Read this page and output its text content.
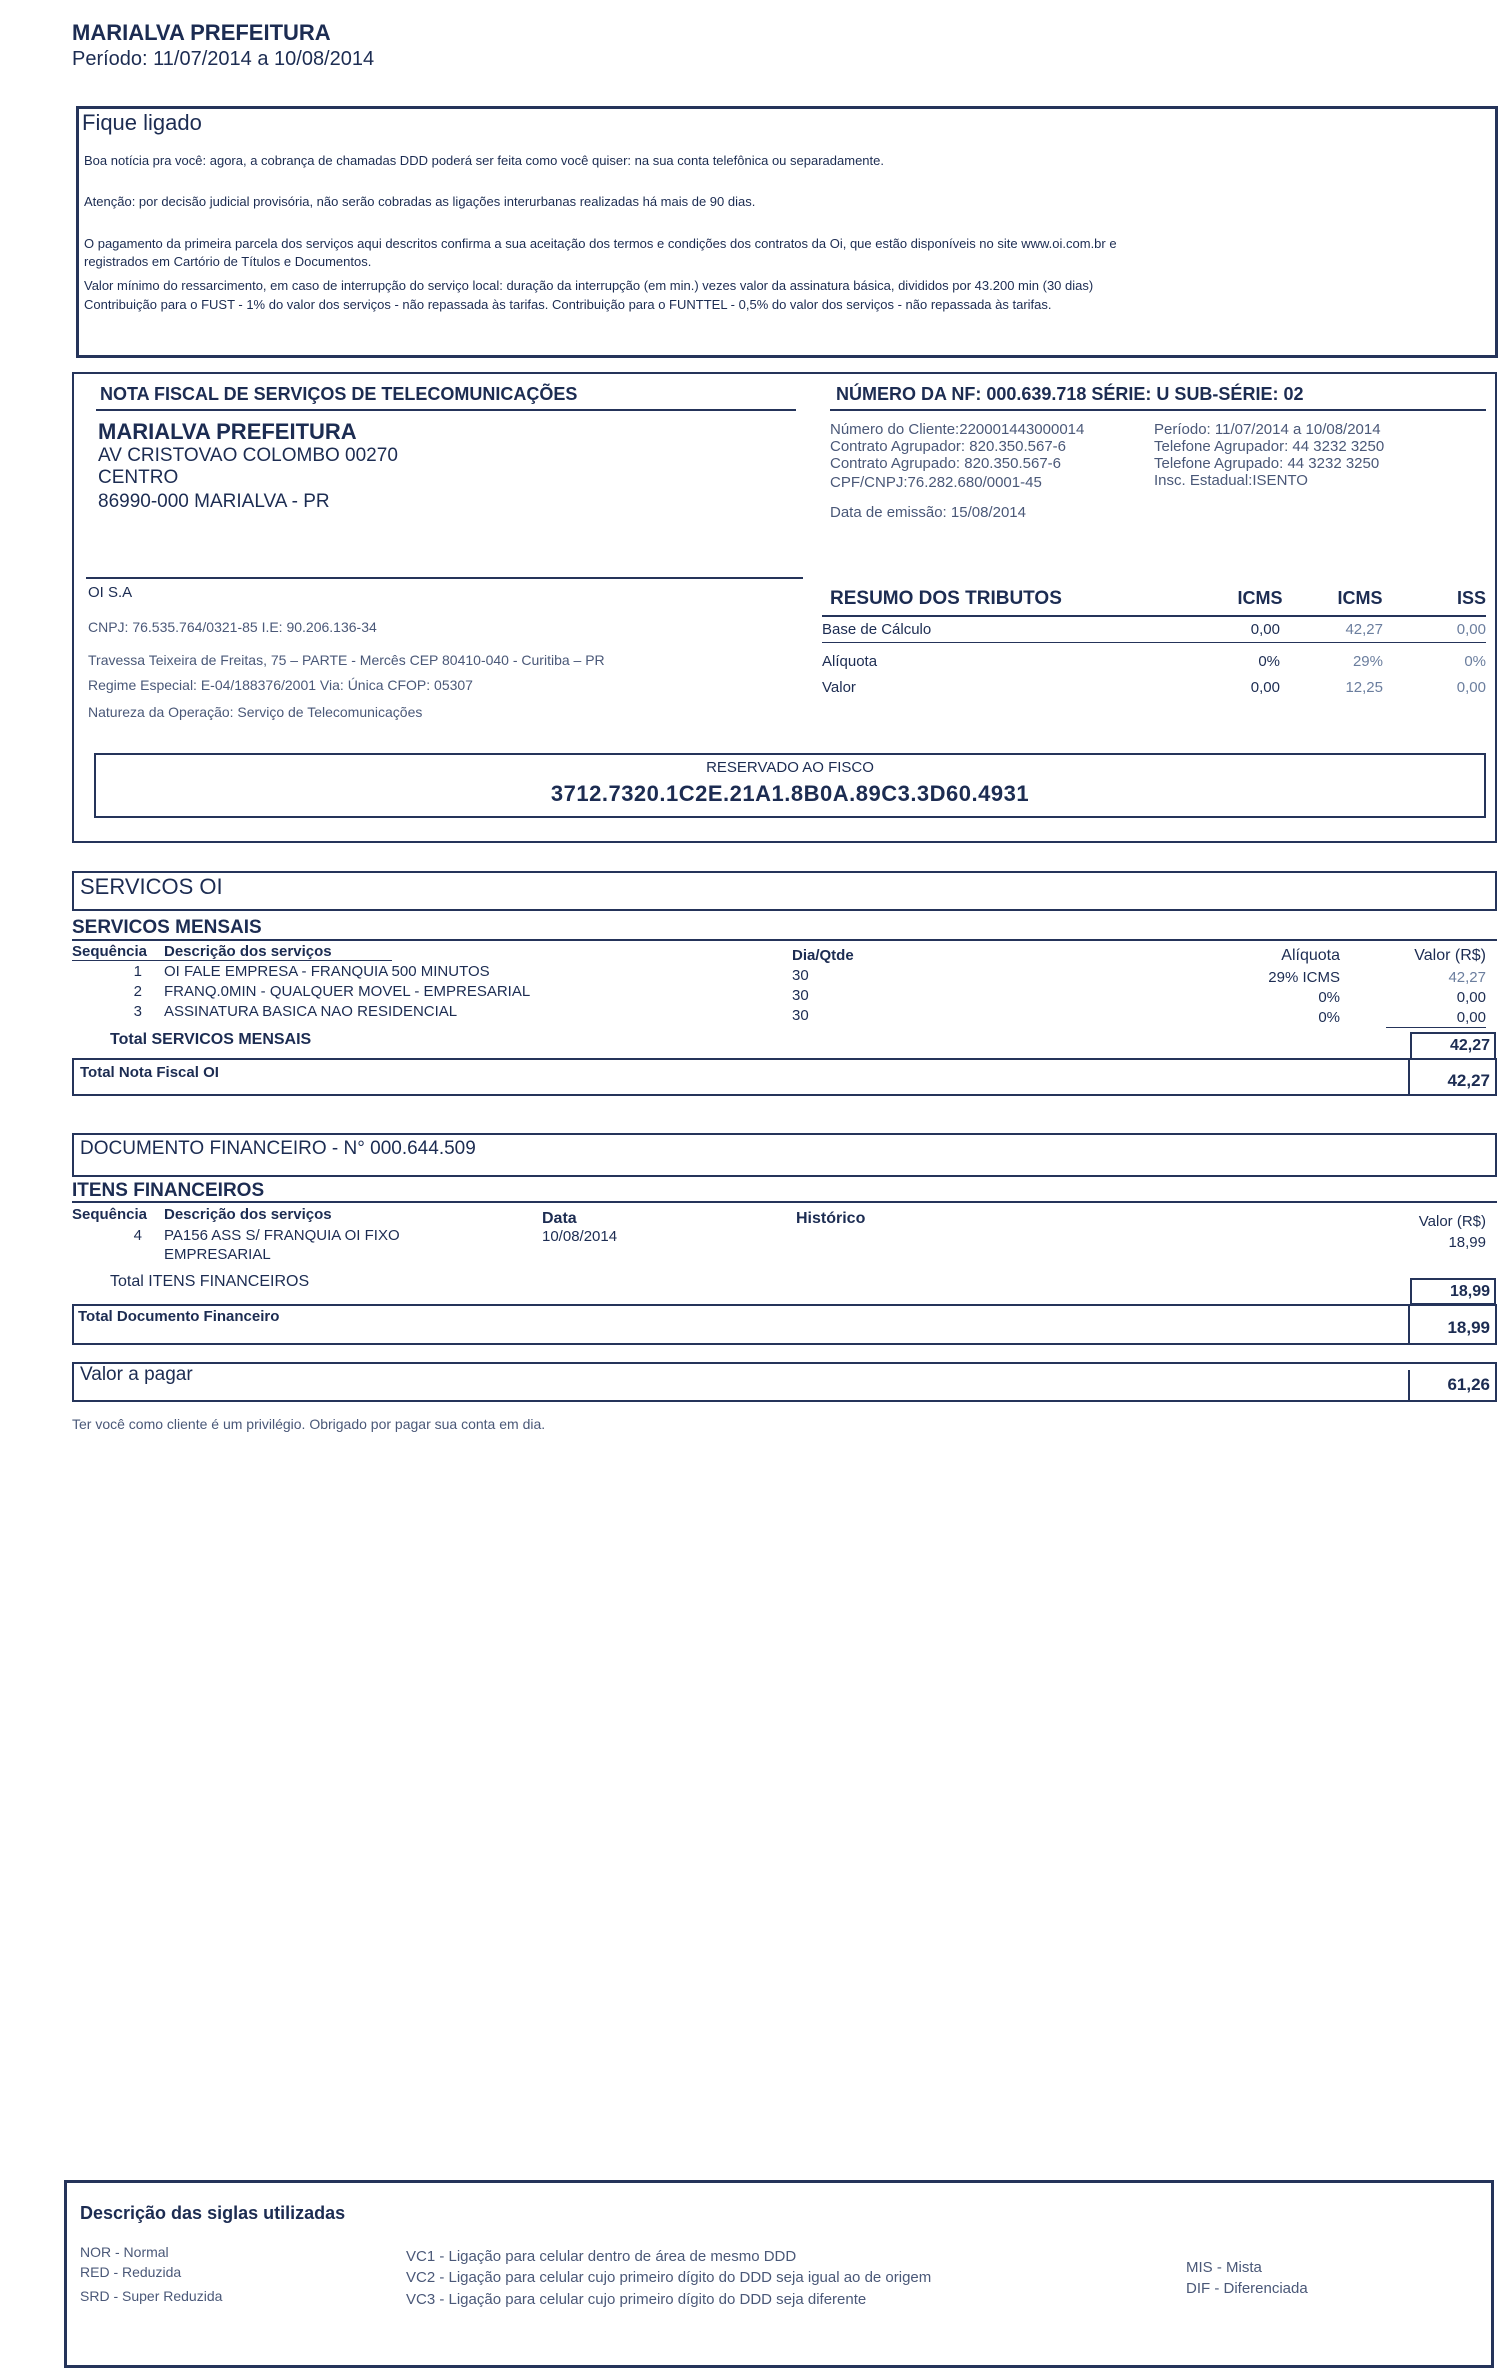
MARIALVA PREFEITURA
Período: 11/07/2014 a 10/08/2014
Fique ligado
Boa notícia pra você: agora, a cobrança de chamadas DDD poderá ser feita como você quiser: na sua conta telefônica ou separadamente.
Atenção: por decisão judicial provisória, não serão cobradas as ligações interurbanas realizadas há mais de 90 dias.
O pagamento da primeira parcela dos serviços aqui descritos confirma a sua aceitação dos termos e condições dos contratos da Oi, que estão disponíveis no site www.oi.com.br e
registrados em Cartório de Títulos e Documentos.
Valor mínimo do ressarcimento, em caso de interrupção do serviço local: duração da interrupção (em min.) vezes valor da assinatura básica, divididos por 43.200 min (30 dias)
Contribuição para o FUST - 1% do valor dos serviços - não repassada às tarifas. Contribuição para o FUNTTEL - 0,5% do valor dos serviços - não repassada às tarifas.
NOTA FISCAL DE SERVIÇOS DE TELECOMUNICAÇÕES	NÚMERO DA NF: 000.639.718 SÉRIE: U SUB-SÉRIE: 02
MARIALVA PREFEITURA
AV CRISTOVAO COLOMBO 00270
CENTRO
86990-000 MARIALVA - PR
Número do Cliente:220001443000014
Contrato Agrupador: 820.350.567-6
Contrato Agrupado: 820.350.567-6
CPF/CNPJ:76.282.680/0001-45
Data de emissão: 15/08/2014
Período: 11/07/2014 a 10/08/2014
Telefone Agrupador: 44 3232 3250
Telefone Agrupado: 44 3232 3250
Insc. Estadual:ISENTO
OI S.A
CNPJ: 76.535.764/0321-85 I.E: 90.206.136-34
Travessa Teixeira de Freitas, 75 – PARTE - Mercês CEP 80410-040 - Curitiba – PR
Regime Especial: E-04/188376/2001 Via: Única CFOP: 05307
Natureza da Operação: Serviço de Telecomunicações
RESUMO DOS TRIBUTOS	ICMS	ICMS	ISS
Base de Cálculo	0,00	42,27	0,00
Alíquota	0%	29%	0%
Valor	0,00	12,25	0,00
RESERVADO AO FISCO
3712.7320.1C2E.21A1.8B0A.89C3.3D60.4931
SERVICOS OI
SERVICOS MENSAIS
Sequência Descrição dos serviços	Dia/Qtde	Alíquota	Valor (R$)
1 OI FALE EMPRESA - FRANQUIA 500 MINUTOS	30	29% ICMS	42,27
2 FRANQ.0MIN - QUALQUER MOVEL - EMPRESARIAL	30	0%	0,00
3 ASSINATURA BASICA NAO RESIDENCIAL	30	0%	0,00
Total SERVICOS MENSAIS	42,27
Total Nota Fiscal OI	42,27
DOCUMENTO FINANCEIRO - N° 000.644.509
ITENS FINANCEIROS
Sequência Descrição dos serviços	Data	Histórico	Valor (R$)
4 PA156 ASS S/ FRANQUIA OI FIXO
EMPRESARIAL
10/08/2014	18,99
Total ITENS FINANCEIROS
18,99
Total Documento Financeiro
18,99
Valor a pagar	61,26
Ter você como cliente é um privilégio. Obrigado por pagar sua conta em dia.
Descrição das siglas utilizadas
NOR - Normal
RED - Reduzida
SRD - Super Reduzida
VC1 - Ligação para celular dentro de área de mesmo DDD
VC2 - Ligação para celular cujo primeiro dígito do DDD seja igual ao de origem
VC3 - Ligação para celular cujo primeiro dígito do DDD seja diferente
MIS - Mista
DIF - Diferenciada
